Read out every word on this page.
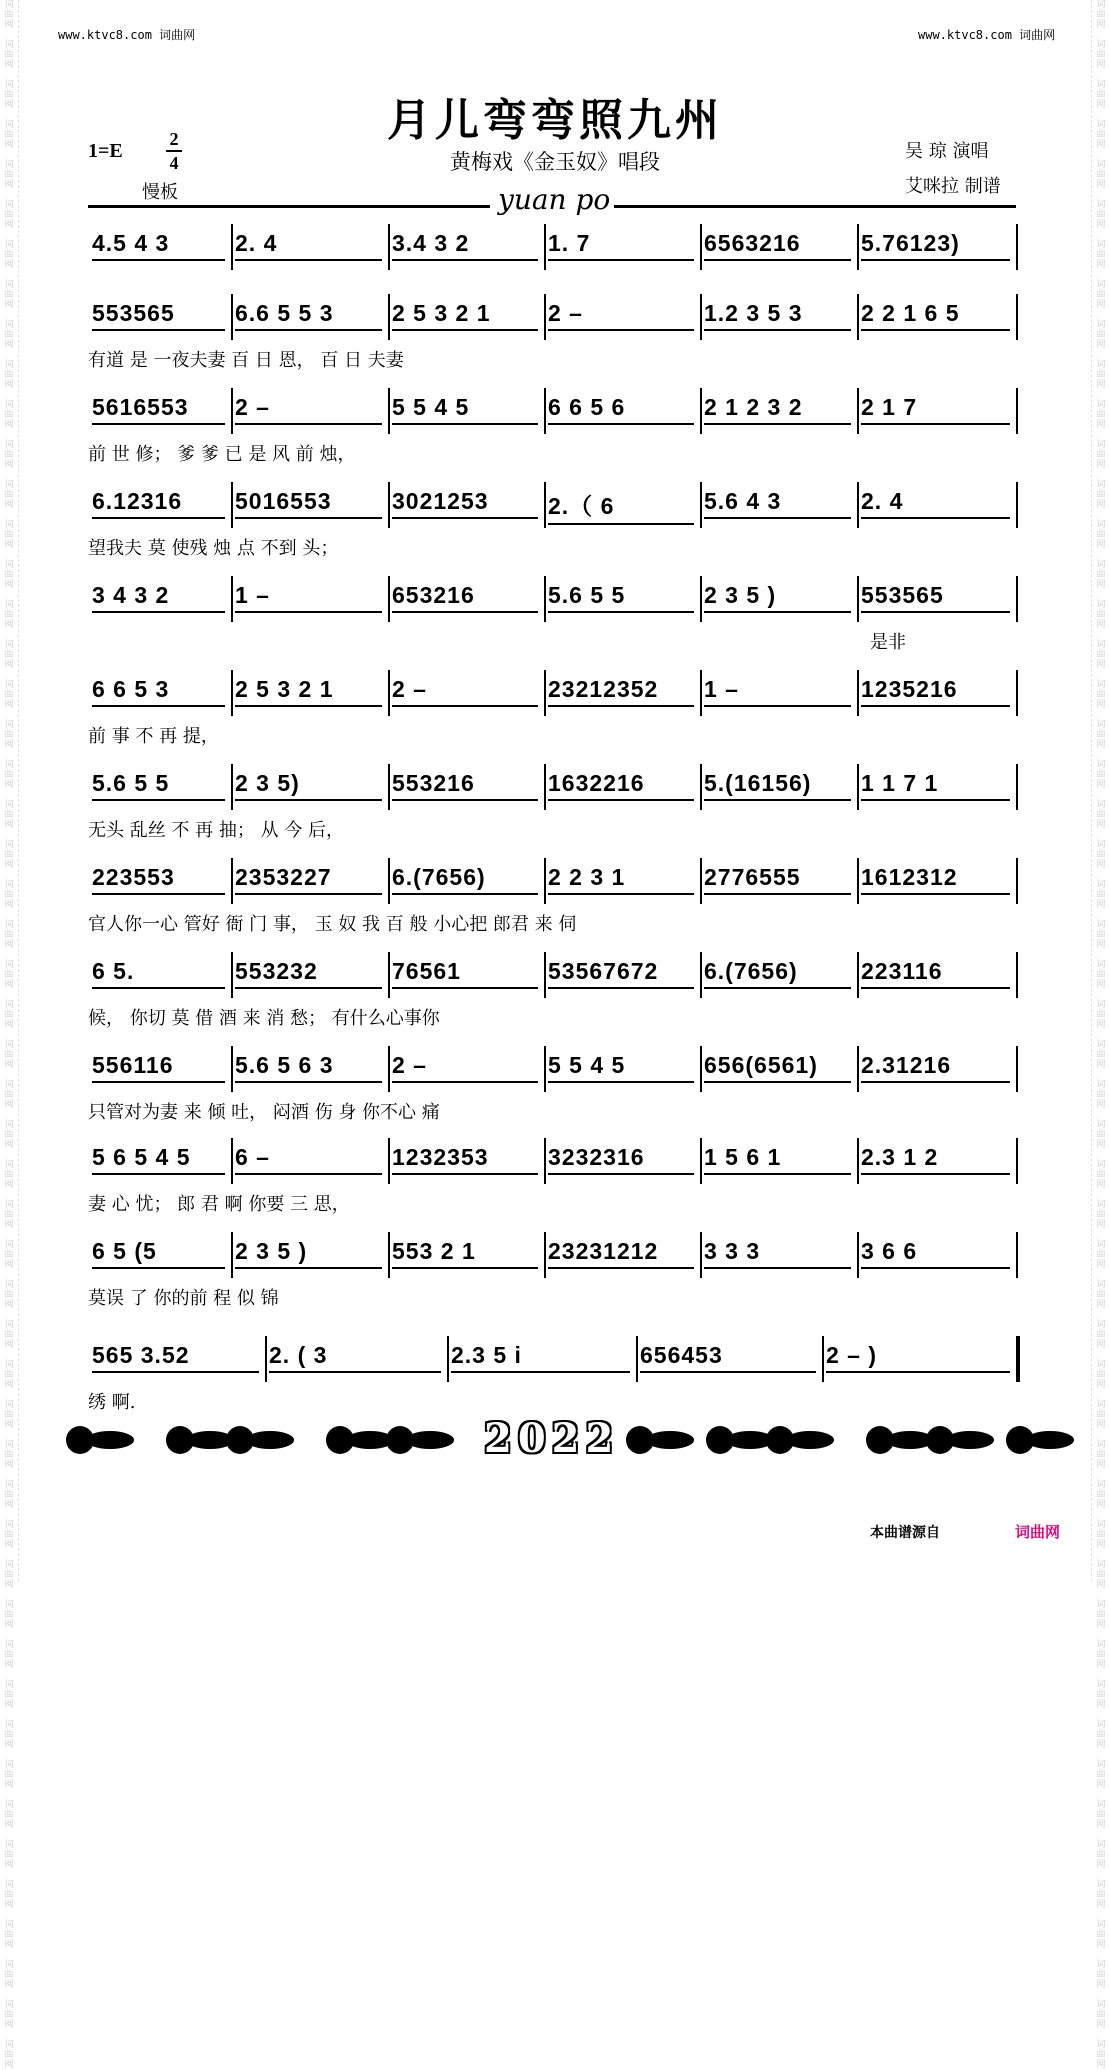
词
曲
网

词
曲
网

词
曲
网

词
曲
网

词
曲
网

词
曲
网

词
曲
网

词
曲
网

词
曲
网

词
曲
网

词
曲
网

词
曲
网

词
曲
网

词
曲
网

词
曲
网

词
曲
网

词
曲
网

词
曲
网

词
曲
网

词
曲
网

词
曲
网

词
曲
网

词
曲
网

词
曲
网

词
曲
网

词
曲
网

词
曲
网

词
曲
网

词
曲
网

词
曲
网

词
曲
网

词
曲
网

词
曲
网

词
曲
网

词
曲
网

词
曲
网

词
曲
网

词
曲
网

词
曲
网

词
曲
网

词
曲
网

词
曲
网

词
曲
网

词
曲
网

词
曲
网

词
曲
网

词
曲
网

词
曲
网

词
曲
网

词
曲
网

词
曲
网

词
曲
网

词
曲
网

词
曲
网

词
曲
网

词
曲
网

词
曲
网

词
曲
网

词
曲
网

词
曲
网

词
曲
网

词
曲
网

词
曲
网

词
曲
网

词
曲
网

词
曲
网

词
曲
网

词
曲
网

词
曲
网

词
曲
网

词
曲
网

词
曲
网

词
曲
网

词
曲
网

词
曲
网

词
曲
网

词
曲
网

词
曲
网

词
曲
网

词
曲
网

词
曲
网

词
曲
网

词
曲
网

词
曲
网

词
曲
网

词
曲
网

词
曲
网

词
曲
网

词
曲
网

词
曲
网

词
曲
网

词
曲
网

词
曲
网

词
曲
网

词
曲
网

词
曲
网

词
曲
网

词
曲
网

词
曲
网

词
曲
网

词
曲
网

词
曲
网

词
曲
网

词
曲
网

www.ktvc8.com 词曲网	www.ktvc8.com 词曲网
月儿弯弯照九州
1=E
2
4
慢板
黄梅戏《金玉奴》唱段	吴 琼 演唱
艾咪拉 制谱
yuan po
2022
本曲谱源自	词曲网
4.5 4 3	2. 4	3.4 3 2	1. 7	6563216	5.76123)
553565	6.6 5 5 3	2 5 3 2 1	2 –	1.2 3 5 3	2 2 1 6 5
有道 是 一夜夫妻 百 日 恩， 百 日 夫妻
5616553	2 –	5 5 4 5	6 6 5 6	2 1 2 3 2	2 1 7
前 世 修； 爹 爹 已 是 风 前 烛，
6.12316	5016553	3021253	2.（ 6	5.6 4 3	2. 4
望我夫 莫 使残 烛 点 不到 头；
3 4 3 2	1 –	653216	5.6 5 5	2 3 5 )	553565
是非
6 6 5 3	2 5 3 2 1	2 –	23212352	1 –	1235216
前 事 不 再 提，
5.6 5 5	2 3 5)	553216	1632216	5.(16156)	1 1 7 1
无头 乱丝 不 再 抽； 从 今 后，
223553	2353227	6.(7656)	2 2 3 1	2776555	1612312
官人你一心 管好 衙 门 事， 玉 奴 我 百 般 小心把 郎君 来 伺
6 5.	553232	76561	53567672	6.(7656)	223116
候， 你切 莫 借 酒 来 消 愁； 有什么心事你
556116	5.6 5 6 3	2 –	5 5 4 5	656(6561)	2.31216
只管对为妻 来 倾 吐， 闷酒 伤 身 你不心 痛
5 6 5 4 5	6 –	1232353	3232316	1 5 6 1	2.3 1 2
妻 心 忧； 郎 君 啊 你要 三 思，
6 5 (5	2 3 5 )	553 2 1	23231212	3 3 3	3 6 6
莫误 了 你的前 程 似 锦
565 3.52	2. ( 3	2.3 5 i	656453	2 – )
绣 啊.
